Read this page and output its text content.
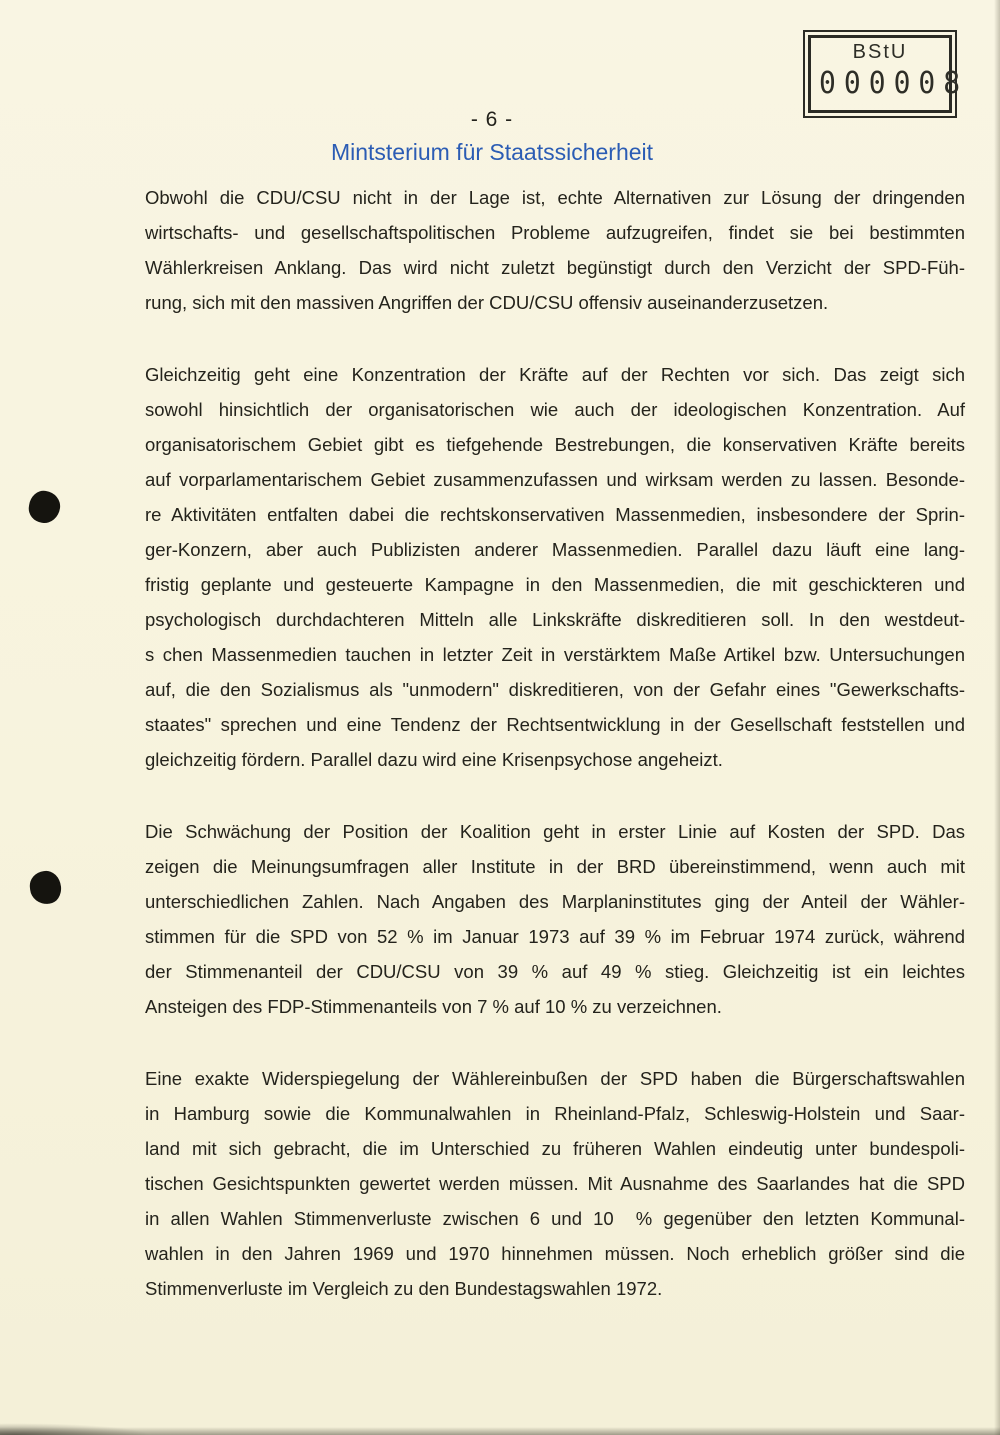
BStU
000008
- 6 -
Mintsterium für Staatssicherheit
Obwohl die CDU/CSU nicht in der Lage ist, echte Alternativen zur Lösung der dringenden
wirtschafts- und gesellschaftspolitischen Probleme aufzugreifen, findet sie bei bestimmten
Wählerkreisen Anklang. Das wird nicht zuletzt begünstigt durch den Verzicht der SPD-Füh-
rung, sich mit den massiven Angriffen der CDU/CSU offensiv auseinanderzusetzen.
Gleichzeitig geht eine Konzentration der Kräfte auf der Rechten vor sich. Das zeigt sich
sowohl hinsichtlich der organisatorischen wie auch der ideologischen Konzentration. Auf
organisatorischem Gebiet gibt es tiefgehende Bestrebungen, die konservativen Kräfte bereits
auf vorparlamentarischem Gebiet zusammenzufassen und wirksam werden zu lassen. Besonde-
re Aktivitäten entfalten dabei die rechtskonservativen Massenmedien, insbesondere der Sprin-
ger-Konzern, aber auch Publizisten anderer Massenmedien. Parallel dazu läuft eine lang-
fristig geplante und gesteuerte Kampagne in den Massenmedien, die mit geschickteren und
psychologisch durchdachteren Mitteln alle Linkskräfte diskreditieren soll. In den westdeut-
s chen Massenmedien tauchen in letzter Zeit in verstärktem Maße Artikel bzw. Untersuchungen
auf, die den Sozialismus als "unmodern" diskreditieren, von der Gefahr eines "Gewerkschafts-
staates" sprechen und eine Tendenz der Rechtsentwicklung in der Gesellschaft feststellen und
gleichzeitig fördern. Parallel dazu wird eine Krisenpsychose angeheizt.
Die Schwächung der Position der Koalition geht in erster Linie auf Kosten der SPD. Das
zeigen die Meinungsumfragen aller Institute in der BRD übereinstimmend, wenn auch mit
unterschiedlichen Zahlen. Nach Angaben des Marplaninstitutes ging der Anteil der Wähler-
stimmen für die SPD von 52 % im Januar 1973 auf 39 % im Februar 1974 zurück, während
der Stimmenanteil der CDU/CSU von 39 % auf 49 % stieg. Gleichzeitig ist ein leichtes
Ansteigen des FDP-Stimmenanteils von 7 % auf 10 % zu verzeichnen.
Eine exakte Widerspiegelung der Wählereinbußen der SPD haben die Bürgerschaftswahlen
in Hamburg sowie die Kommunalwahlen in Rheinland-Pfalz, Schleswig-Holstein und Saar-
land mit sich gebracht, die im Unterschied zu früheren Wahlen eindeutig unter bundespoli-
tischen Gesichtspunkten gewertet werden müssen. Mit Ausnahme des Saarlandes hat die SPD
in allen Wahlen Stimmenverluste zwischen 6 und 10  % gegenüber den letzten Kommunal-
wahlen in den Jahren 1969 und 1970 hinnehmen müssen. Noch erheblich größer sind die
Stimmenverluste im Vergleich zu den Bundestagswahlen 1972.
